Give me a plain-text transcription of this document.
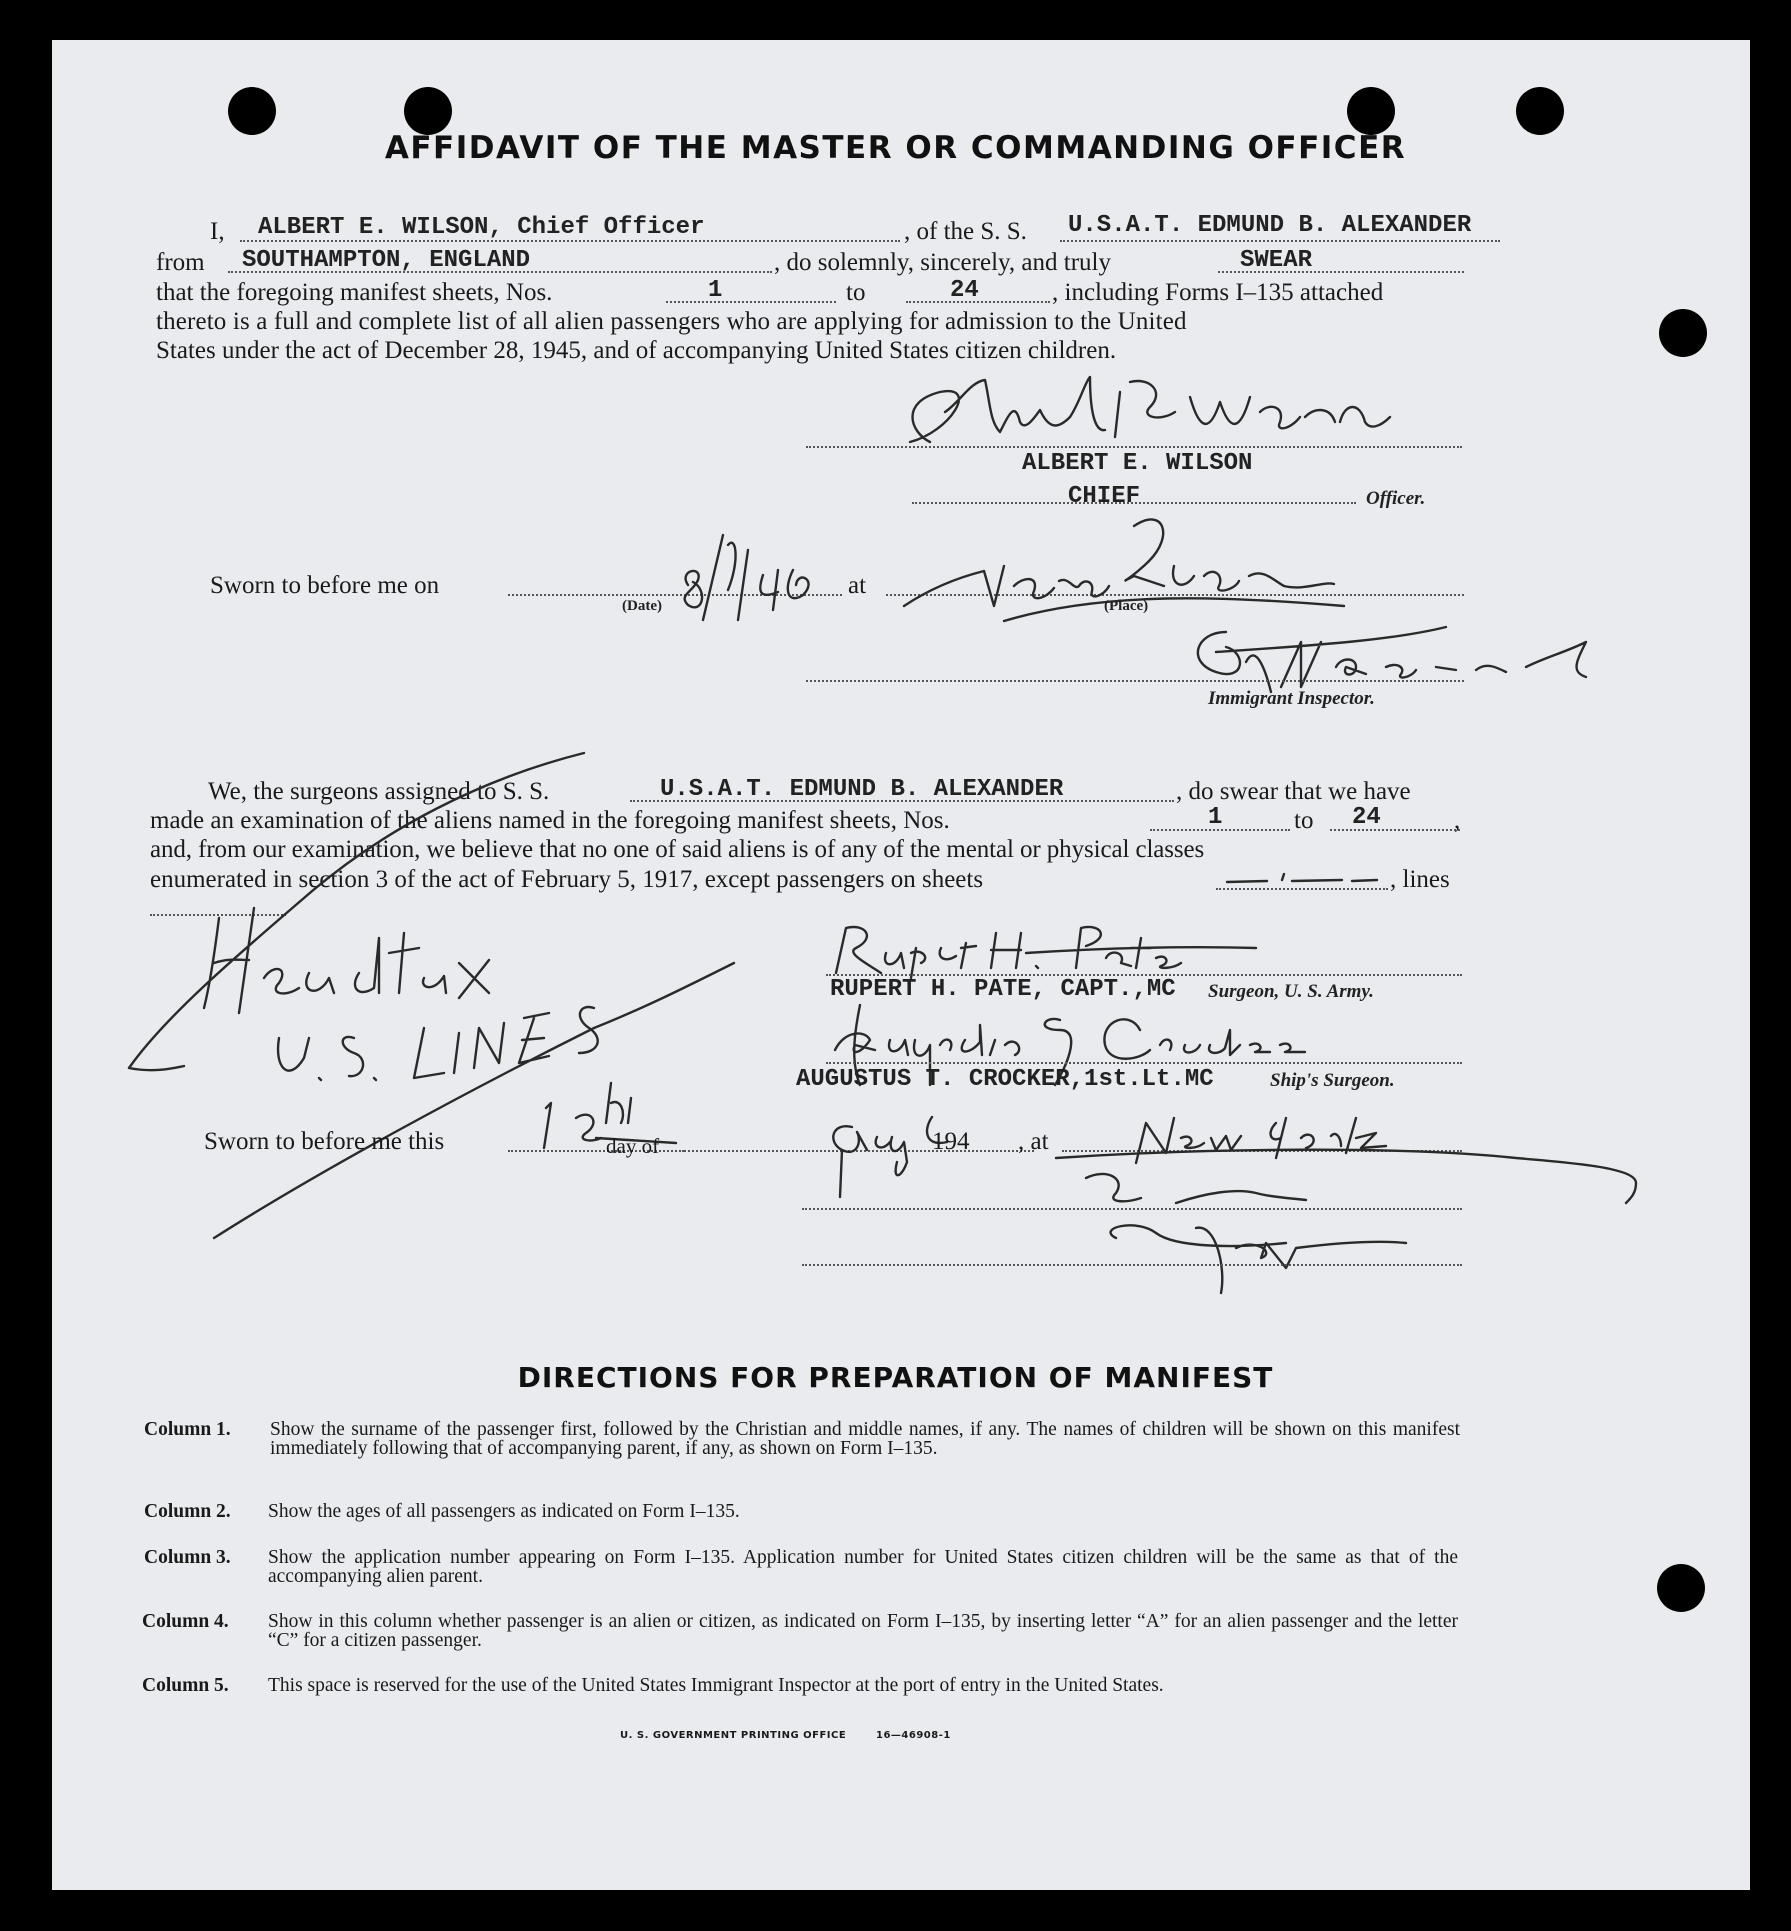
AFFIDAVIT OF THE MASTER OR COMMANDING OFFICER
I, ALBERT E. WILSON, Chief Officer	, of the S. S. U.S.A.T. EDMUND B. ALEXANDER
from SOUTHAMPTON, ENGLAND	, do solemnly, sincerely, and truly	SWEAR
that the foregoing manifest sheets, Nos.	1	to	24	, including Forms I–135 attached
thereto is a full and complete list of all alien passengers who are applying for admission to the United
States under the act of December 28, 1945, and of accompanying United States citizen children.
ALBERT E. WILSON
CHIEF	Officer.
Sworn to before me on
(Date)
at
(Place)
Immigrant Inspector.
We, the surgeons assigned to S. S.	U.S.A.T. EDMUND B. ALEXANDER	, do swear that we have
made an examination of the aliens named in the foregoing manifest sheets, Nos.	1	to 24	,
and, from our examination, we believe that no one of said aliens is of any of the mental or physical classes
enumerated in section 3 of the act of February 5, 1917, except passengers on sheets	, lines
RUPERT H. PATE, CAPT.,MC Surgeon, U. S. Army.
AUGUSTUS T. CROCKER,1st.Lt.MC	Ship's Surgeon.
Sworn to before me this	day of	194 , at
DIRECTIONS FOR PREPARATION OF MANIFEST
Column 1.	Show the surname of the passenger first, followed by the Christian and middle names, if any. The names of children will be shown on this manifest immediately following that of accompanying parent, if any, as shown on Form I–135.
Column 2.	Show the ages of all passengers as indicated on Form I–135.
Column 3.	Show the application number appearing on Form I–135. Application number for United States citizen children will be the same as that of the accompanying alien parent.
Column 4.	Show in this column whether passenger is an alien or citizen, as indicated on Form I–135, by inserting letter “A” for an alien passenger and the letter “C” for a citizen passenger.
Column 5.	This space is reserved for the use of the United States Immigrant Inspector at the port of entry in the United States.
U. S. GOVERNMENT PRINTING OFFICE	16—46908-1
